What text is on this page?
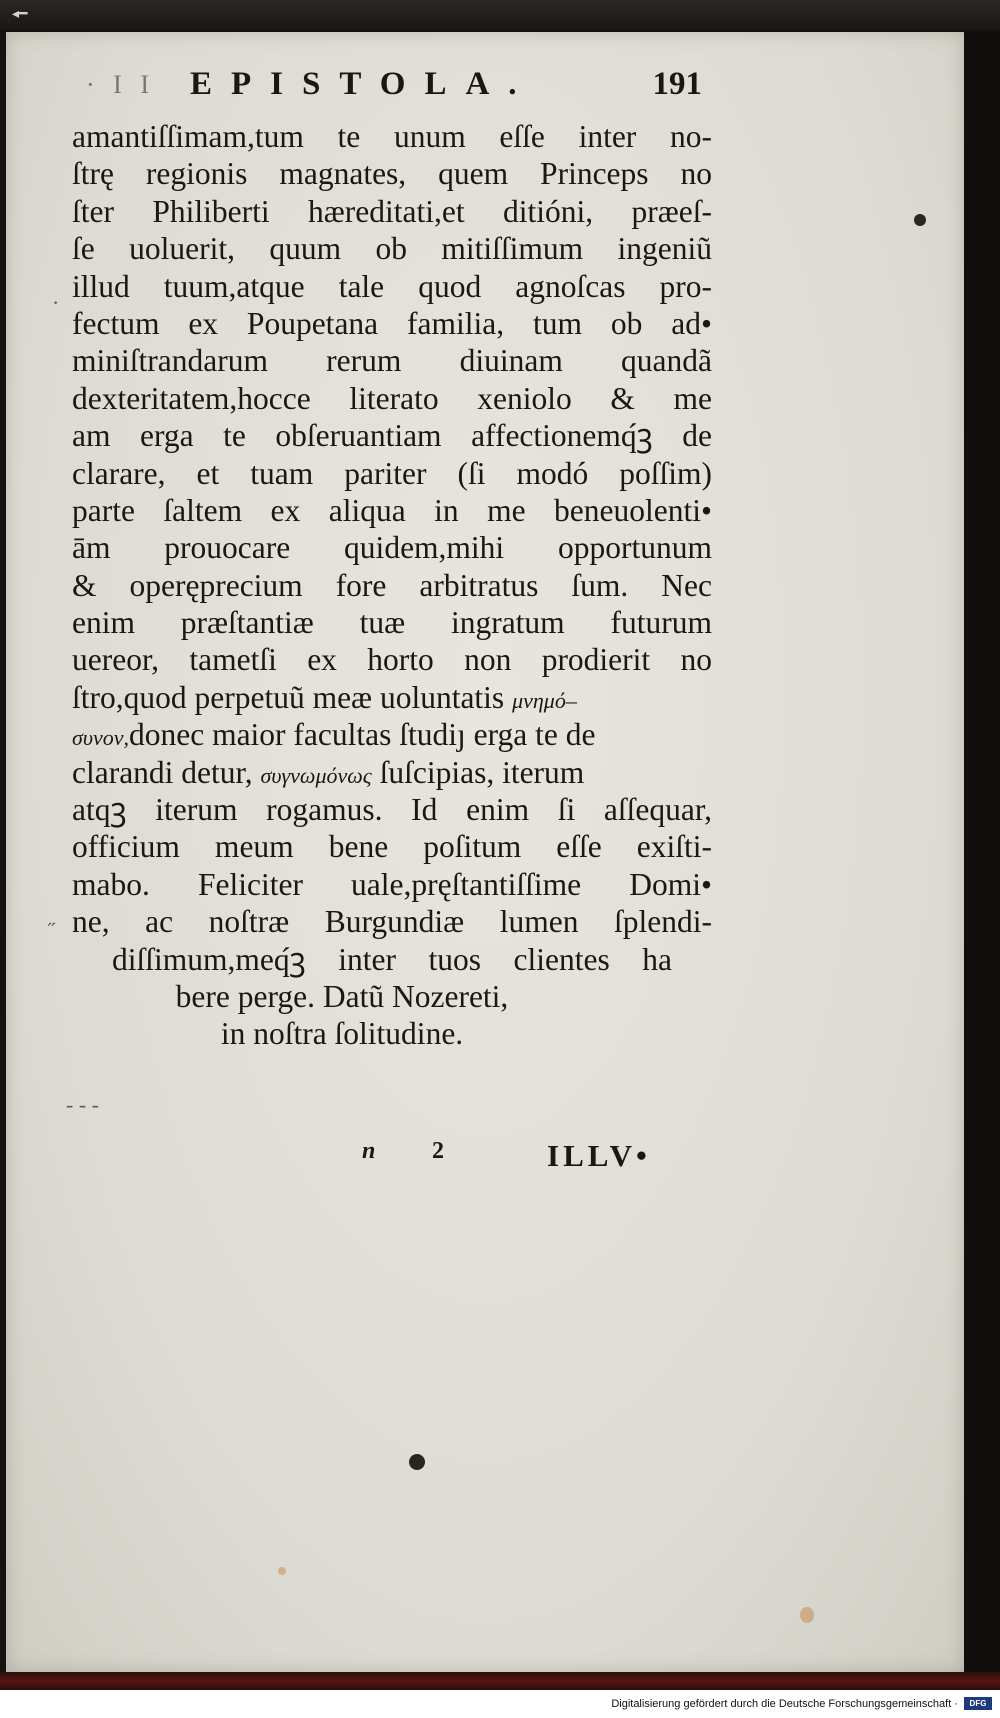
◂━
· I I EPISTOLA.	191
amantiſſimam,tum te unum eſſe inter no-
ſtrę regionis magnates, quem Princeps no
ſter Philiberti hæreditati,et ditióni, præeſ-
ſe uoluerit, quum ob mitiſſimum ingeniũ
illud tuum,atque tale quod agnoſcas pro-
fectum ex Poupetana familia, tum ob ad•
miniſtrandarum rerum diuinam quandã
dexteritatem,hocce literato xeniolo & me
am erga te obſeruantiam affectionemq́ꝫ de
clarare, et tuam pariter (ſi modó poſſim)
parte ſaltem ex aliqua in me beneuolenti•
ām prouocare quidem,mihi opportunum
& operęprecium fore arbitratus ſum. Nec
enim præſtantiæ tuæ ingratum futurum
uereor, tametſi ex horto non prodierit no
ſtro,quod perpetuũ meæ uoluntatis μνημό–
συνον,donec maior facultas ſtudiȷ erga te de
clarandi detur, συγνωμόνως ſuſcipias, iterum
atqꝫ iterum rogamus. Id enim ſi aſſequar,
officium meum bene poſitum eſſe exiſti-
mabo. Feliciter uale,pręſtantiſſime Domi•
ne, ac noſtræ Burgundiæ lumen ſplendi-
diſſimum,meq́ꝫ inter tuos clientes ha
bere perge. Datũ Nozereti,
in noſtra ſolitudine.
n 2	ILLV•
·
˝
- - -
Digitalisierung gefördert durch die Deutsche Forschungsgemeinschaft ·	DFG
